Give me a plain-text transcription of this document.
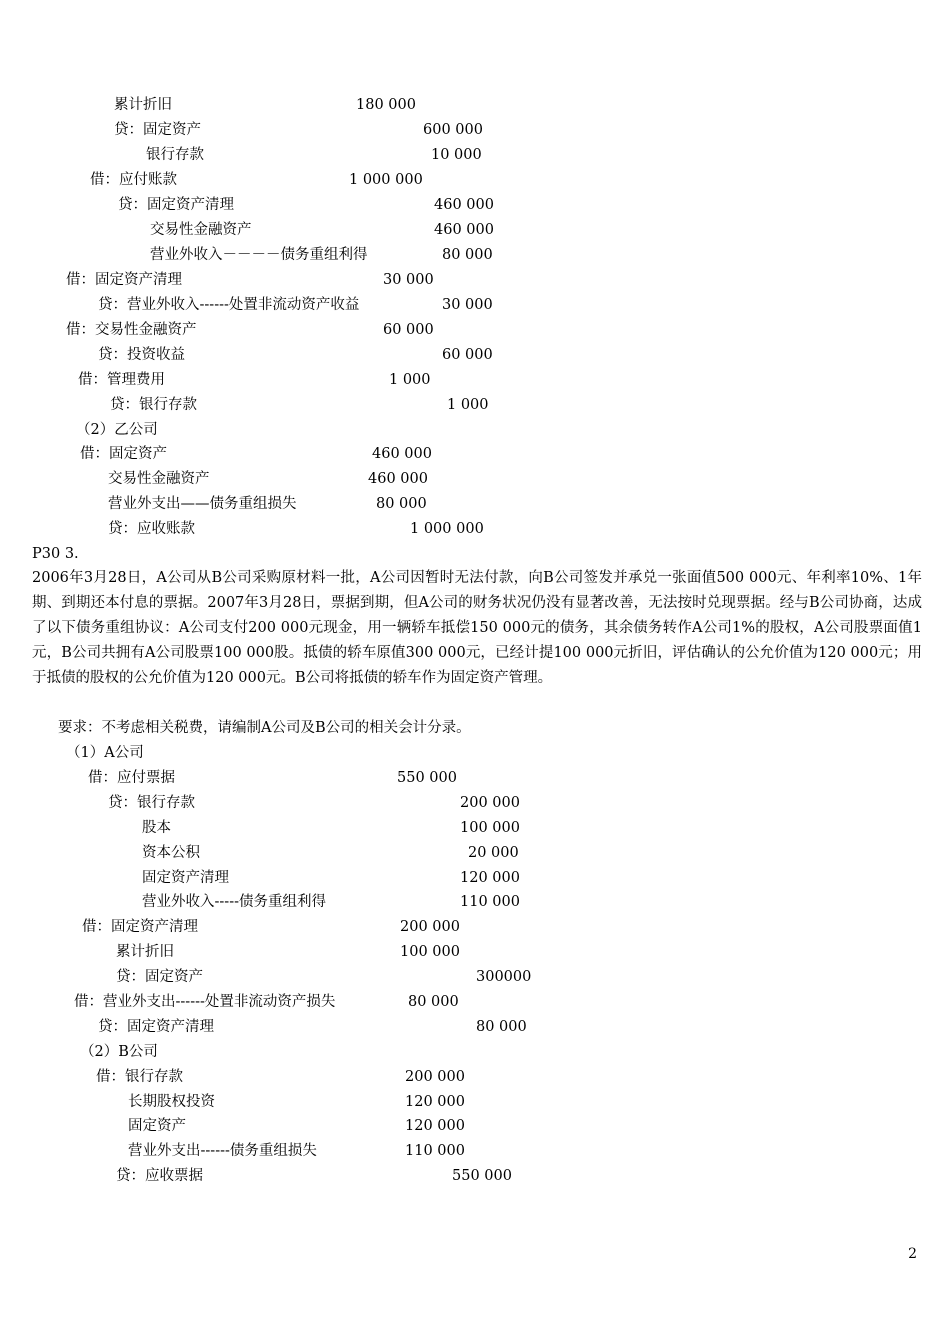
累计折旧	180 000
贷：固定资产	600 000
银行存款	10 000
借：应付账款	1 000 000
贷：固定资产清理	460 000
交易性金融资产	460 000
营业外收入－－－－债务重组利得	80 000
借：固定资产清理	30 000
贷：营业外收入------处置非流动资产收益	30 000
借：交易性金融资产	60 000
贷：投资收益	60 000
借：管理费用	1 000
贷：银行存款	1 000
（2）乙公司
借：固定资产	460 000
交易性金融资产	460 000
营业外支出——债务重组损失	80 000
贷：应收账款	1 000 000
P30 3.
2006年3月28日，A公司从B公司采购原材料一批，A公司因暂时无法付款，向B公司签发并承兑一张面值500 000元、年利率10%、1年期、到期还本付息的票据。2007年3月28日，票据到期，但A公司的财务状况仍没有显著改善，无法按时兑现票据。经与B公司协商，达成了以下债务重组协议：A公司支付200 000元现金，用一辆轿车抵偿150 000元的债务，其余债务转作A公司1%的股权，A公司股票面值1元，B公司共拥有A公司股票100 000股。抵债的轿车原值300 000元，已经计提100 000元折旧，评估确认的公允价值为120 000元；用于抵债的股权的公允价值为120 000元。B公司将抵债的轿车作为固定资产管理。
要求：不考虑相关税费，请编制A公司及B公司的相关会计分录。
（1）A公司
借：应付票据	550 000
贷：银行存款	200 000
股本	100 000
资本公积	20 000
固定资产清理	120 000
营业外收入-----债务重组利得	110 000
借：固定资产清理	200 000
累计折旧	100 000
贷：固定资产	300000
借：营业外支出------处置非流动资产损失	80 000
贷：固定资产清理	80 000
（2）B公司
借：银行存款	200 000
长期股权投资	120 000
固定资产	120 000
营业外支出------债务重组损失	110 000
贷：应收票据	550 000
2
